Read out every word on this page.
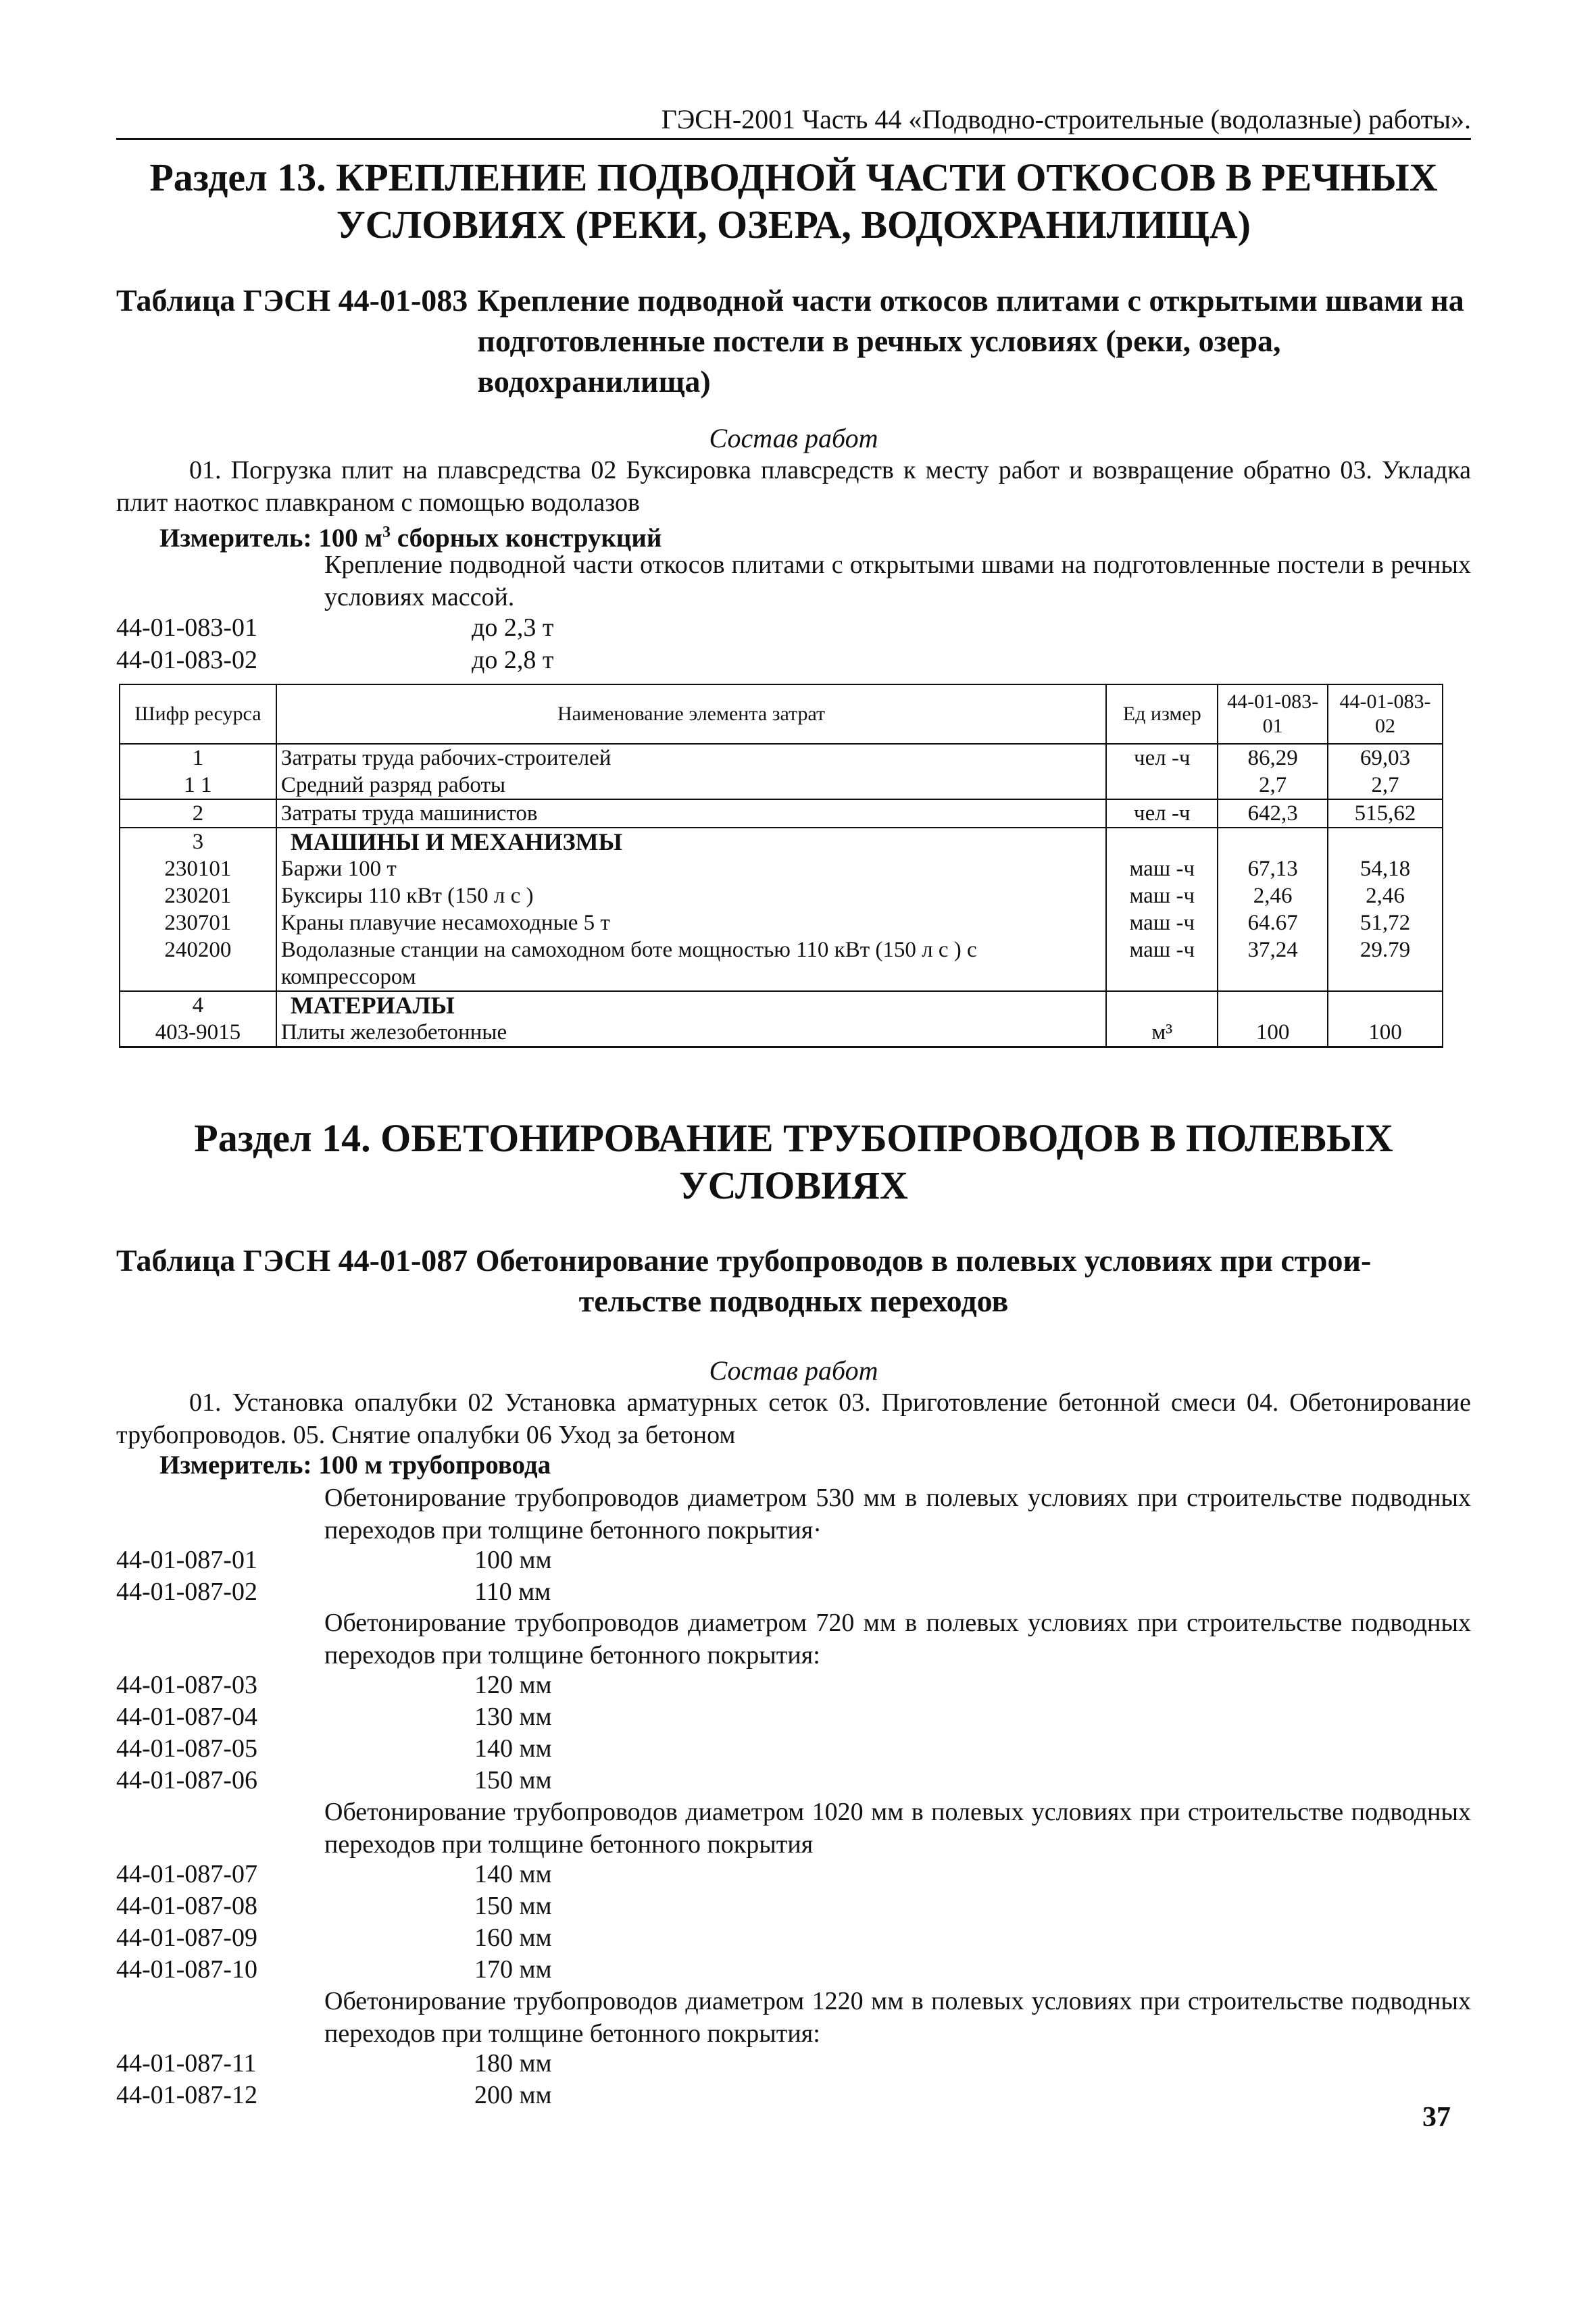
ГЭСН-2001 Часть 44 «Подводно-строительные (водолазные) работы».
Раздел 13. КРЕПЛЕНИЕ ПОДВОДНОЙ ЧАСТИ ОТКОСОВ В РЕЧНЫХ
УСЛОВИЯХ (РЕКИ, ОЗЕРА, ВОДОХРАНИЛИЩА)
Таблица ГЭСН 44-01-083 Крепление подводной части откосов плитами с открытыми швами на подготовленные постели в речных условиях (реки, озера, водохранилища)
Состав работ
01. Погрузка плит на плавсредства 02 Буксировка плавсредств к месту работ и возвращение обратно 03. Укладка плит наоткос плавкраном с помощью водолазов
Измеритель: 100 $м^3$ сборных конструкций
Крепление подводной части откосов плитами с открытыми швами на подготовленные постели в речных условиях массой.
44-01-083-01	до 2,3 т
44-01-083-02	до 2,8 т
Шифр ресурса	Наименование элемента затрат	Ед измер	44-01-083-01	44-01-083-02
1	Затраты труда рабочих-строителей	чел -ч	86,29	69,03
1 1	Средний разряд работы		2,7	2,7
2	Затраты труда машинистов	чел -ч	642,3	515,62
3	МАШИНЫ И МЕХАНИЗМЫ			
230101	Баржи 100 т	маш -ч	67,13	54,18
230201	Буксиры 110 кВт (150 л с )	маш -ч	2,46	2,46
230701	Краны плавучие несамоходные 5 т	маш -ч	64.67	51,72
240200	Водолазные станции на самоходном боте мощностью 110 кВт (150 л с ) с компрессором	маш -ч	37,24	29.79
4	МАТЕРИАЛЫ			
403-9015	Плиты железобетонные	м³	100	100
Раздел 14. ОБЕТОНИРОВАНИЕ ТРУБОПРОВОДОВ В ПОЛЕВЫХ
УСЛОВИЯХ
Таблица ГЭСН 44-01-087 Обетонирование трубопроводов в полевых условиях при строи-
тельстве подводных переходов
Состав работ
01. Установка опалубки 02 Установка арматурных сеток 03. Приготовление бетонной смеси 04. Обетонирование трубопроводов. 05. Снятие опалубки 06 Уход за бетоном
Измеритель: 100 м трубопровода
Обетонирование трубопроводов диаметром 530 мм в полевых условиях при строительстве подводных переходов при толщине бетонного покрытия·
44-01-087-01	100 мм
44-01-087-02	110 мм
Обетонирование трубопроводов диаметром 720 мм в полевых условиях при строительстве подводных переходов при толщине бетонного покрытия:
44-01-087-03	120 мм
44-01-087-04	130 мм
44-01-087-05	140 мм
44-01-087-06	150 мм
Обетонирование трубопроводов диаметром 1020 мм в полевых условиях при строительстве подводных переходов при толщине бетонного покрытия
44-01-087-07	140 мм
44-01-087-08	150 мм
44-01-087-09	160 мм
44-01-087-10	170 мм
Обетонирование трубопроводов диаметром 1220 мм в полевых условиях при строительстве подводных переходов при толщине бетонного покрытия:
44-01-087-11	180 мм
44-01-087-12	200 мм
37
